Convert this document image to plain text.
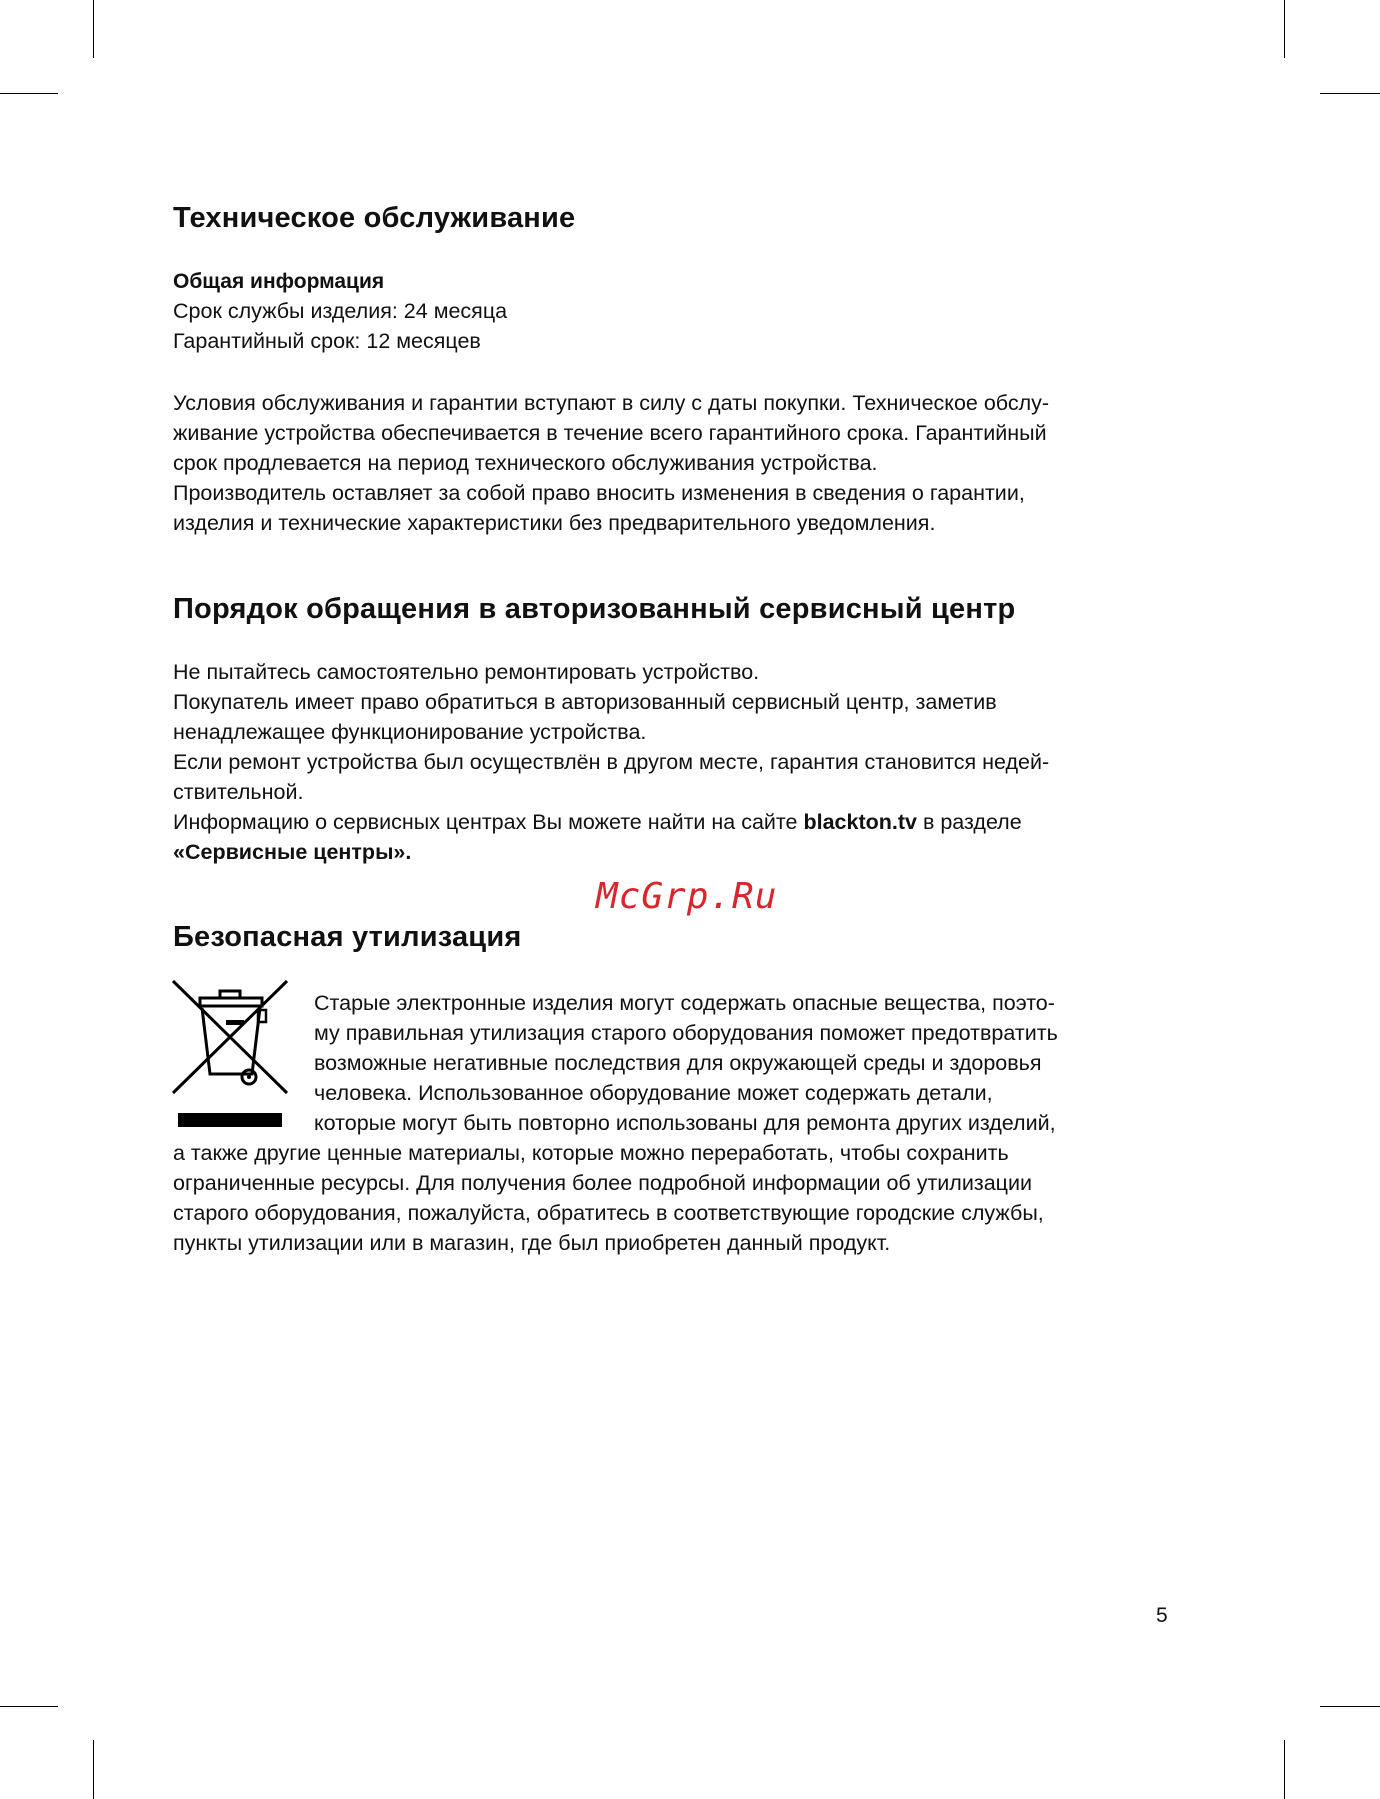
Техническое обслуживание
Общая информация

Срок службы изделия: 24 месяца

Гарантийный срок: 12 месяцев

Условия обслуживания и гарантии вступают в силу с даты покупки. Техническое обслу-

живание устройства обеспечивается в течение всего гарантийного срока. Гарантийный

срок продлевается на период технического обслуживания устройства.

Производитель оставляет за собой право вносить изменения в сведения о гарантии,

изделия и технические характеристики без предварительного уведомления.

Порядок обращения в авторизованный сервисный центр

Не пытайтесь самостоятельно ремонтировать устройство.

Покупатель имеет право обратиться в авторизованный сервисный центр, заметив

ненадлежащее функционирование устройства.

Если ремонт устройства был осуществлён в другом месте, гарантия становится недей-

ствительной.

Информацию о сервисных центрах Вы можете найти на сайте blackton.tv в разделе

«Сервисные центры».

McGrp.Ru
Безопасная утилизация

Старые электронные изделия могут содержать опасные вещества, поэто-

му правильная утилизация старого оборудования поможет предотвратить

возможные негативные последствия для окружающей среды и здоровья

человека. Использованное оборудование может содержать детали,

которые могут быть повторно использованы для ремонта других изделий,

а также другие ценные материалы, которые можно переработать, чтобы сохранить

ограниченные ресурсы. Для получения более подробной информации об утилизации

старого оборудования, пожалуйста, обратитесь в соответствующие городские службы,

пункты утилизации или в магазин, где был приобретен данный продукт.

5
